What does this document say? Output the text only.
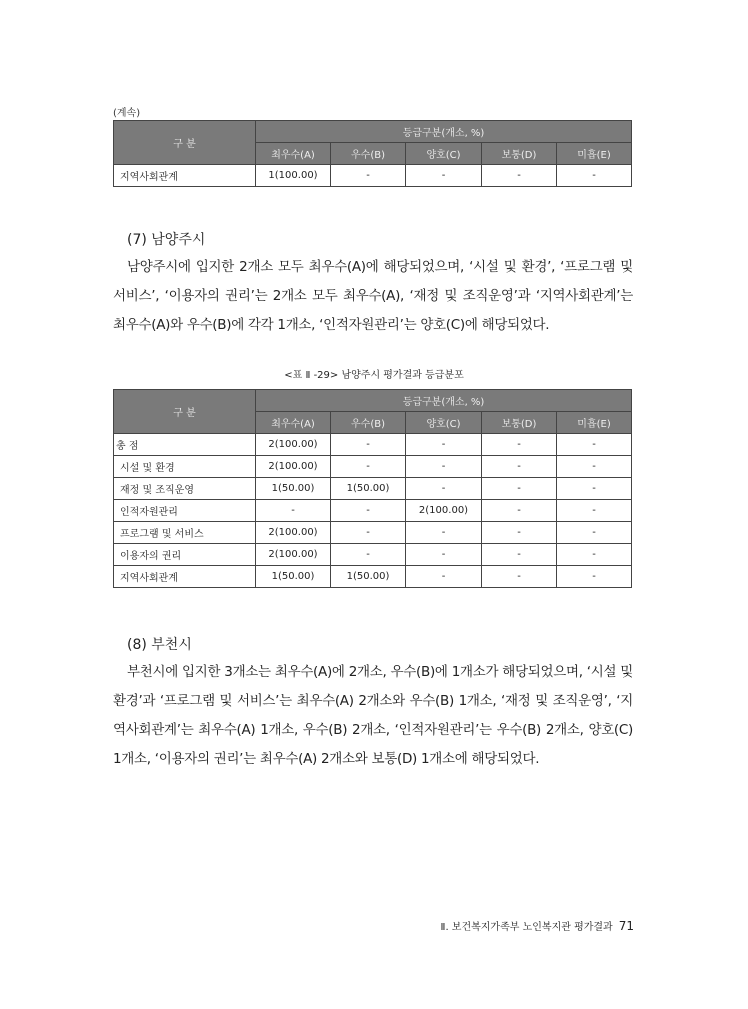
(계속)
구 분	등급구분(개소, %)				
	최우수(A)	우수(B)	양호(C)	보통(D)	미흡(E)
지역사회관계	1(100.00)	-	-	-	-
(7) 남양주시
남양주시에 입지한 2개소 모두 최우수(A)에 해당되었으며, ‘시설 및 환경’, ‘프로그램 및 서비스’, ‘이용자의 권리’는 2개소 모두 최우수(A), ‘재정 및 조직운영’과 ‘지역사회관계’는 최우수(A)와 우수(B)에 각각 1개소, ‘인적자원관리’는 양호(C)에 해당되었다.
<표 Ⅱ -29> 남양주시 평가결과 등급분포
구 분	등급구분(개소, %)				
	최우수(A)	우수(B)	양호(C)	보통(D)	미흡(E)
총 점	2(100.00)	-	-	-	-
시설 및 환경	2(100.00)	-	-	-	-
재정 및 조직운영	1(50.00)	1(50.00)	-	-	-
인적자원관리	-	-	2(100.00)	-	-
프로그램 및 서비스	2(100.00)	-	-	-	-
이용자의 권리	2(100.00)	-	-	-	-
지역사회관계	1(50.00)	1(50.00)	-	-	-
(8) 부천시
부천시에 입지한 3개소는 최우수(A)에 2개소, 우수(B)에 1개소가 해당되었으며, ‘시설 및 환경’과 ‘프로그램 및 서비스’는 최우수(A) 2개소와 우수(B) 1개소, ‘재정 및 조직운영’, ‘지역사회관계’는 최우수(A) 1개소, 우수(B) 2개소, ‘인적자원관리’는 우수(B) 2개소, 양호(C) 1개소, ‘이용자의 권리’는 최우수(A) 2개소와 보통(D) 1개소에 해당되었다.
Ⅱ. 보건복지가족부 노인복지관 평가결과 71
